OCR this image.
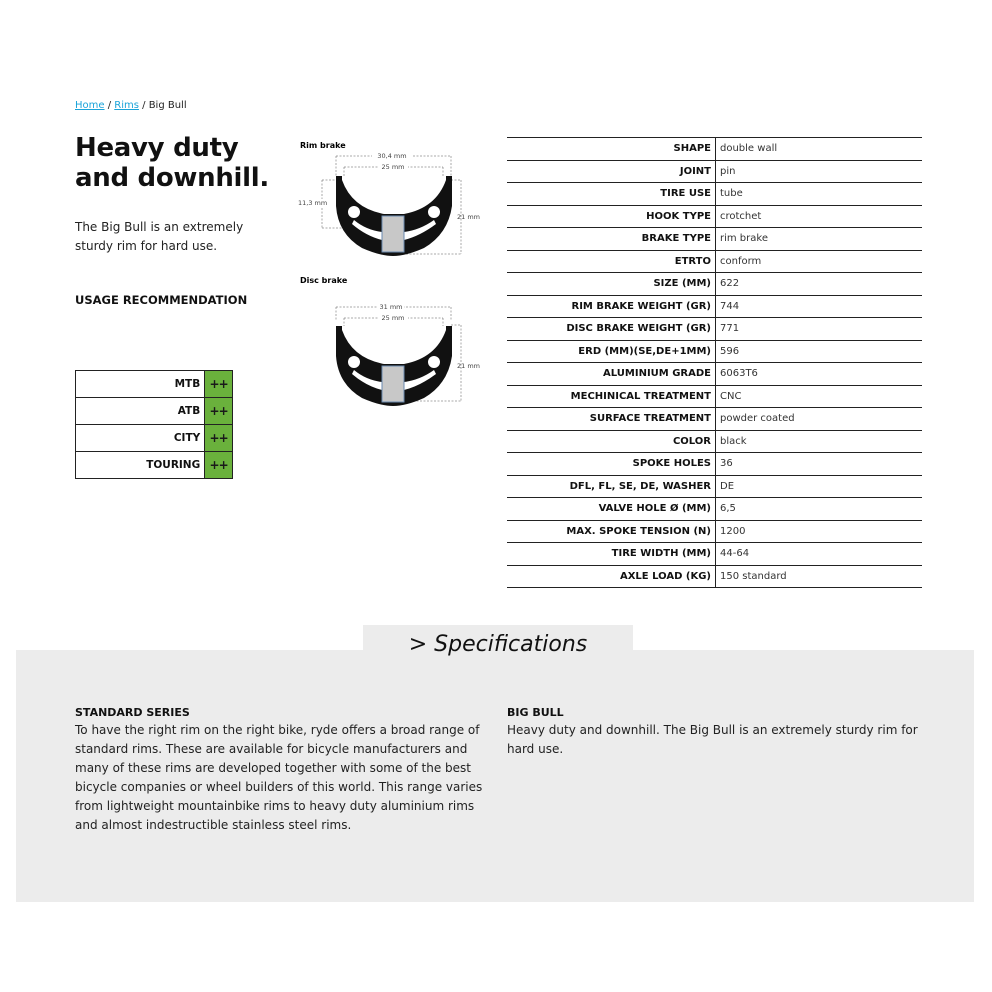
Home / Rims / Big Bull
Heavy duty and downhill.
The Big Bull is an extremely sturdy rim for hard use.
USAGE RECOMMENDATION
MTB	++
ATB	++
CITY	++
TOURING	++
Rim brake
30,4 mm
25 mm
11,3 mm
21 mm
Disc brake
31 mm
25 mm
21 mm
SHAPE	double wall
JOINT	pin
TIRE USE	tube
HOOK TYPE	crotchet
BRAKE TYPE	rim brake
ETRTO	conform
SIZE (MM)	622
RIM BRAKE WEIGHT (GR)	744
DISC BRAKE WEIGHT (GR)	771
ERD (MM)(SE,DE+1MM)	596
ALUMINIUM GRADE	6063T6
MECHINICAL TREATMENT	CNC
SURFACE TREATMENT	powder coated
COLOR	black
SPOKE HOLES	36
DFL, FL, SE, DE, WASHER	DE
VALVE HOLE Ø (MM)	6,5
MAX. SPOKE TENSION (N)	1200
TIRE WIDTH (MM)	44-64
AXLE LOAD (KG)	150 standard
> Specifications
STANDARD SERIES
To have the right rim on the right bike, ryde offers a broad range of standard rims. These are available for bicycle manufacturers and many of these rims are developed together with some of the best bicycle companies or wheel builders of this world. This range varies from lightweight mountainbike rims to heavy duty aluminium rims and almost indestructible stainless steel rims.
BIG BULL
Heavy duty and downhill. The Big Bull is an extremely sturdy rim for hard use.
